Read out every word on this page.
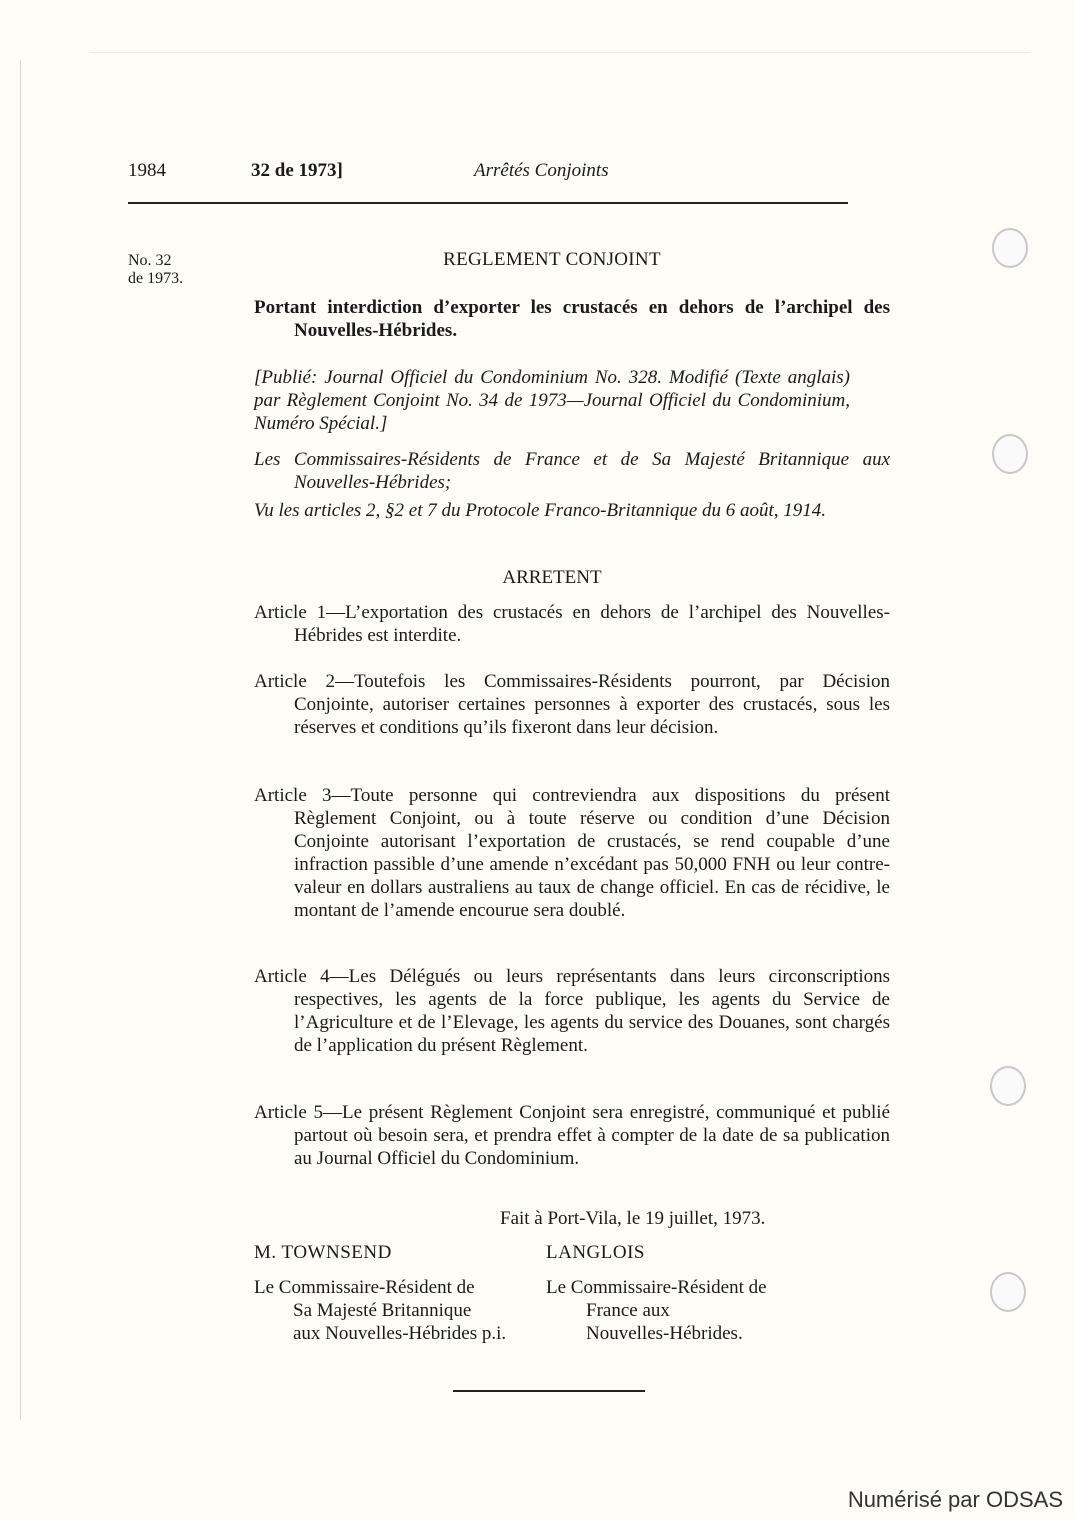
1984	32 de 1973]	Arrêtés Conjoints
No. 32
de 1973.
REGLEMENT CONJOINT
Portant interdiction d’exporter les crustacés en dehors de l’archipel des Nouvelles-Hébrides.
[Publié: Journal Officiel du Condominium No. 328. Modifié (Texte anglais) par Règlement Conjoint No. 34 de 1973—Journal Officiel du Condominium, Numéro Spécial.]
Les Commissaires-Résidents de France et de Sa Majesté Britannique aux Nouvelles-Hébrides;
Vu les articles 2, §2 et 7 du Protocole Franco-Britannique du 6 août, 1914.
ARRETENT
Article 1—L’exportation des crustacés en dehors de l’archipel des Nouvelles-Hébrides est interdite.
Article 2—Toutefois les Commissaires-Résidents pourront, par Décision Conjointe, autoriser certaines personnes à exporter des crustacés, sous les réserves et conditions qu’ils fixeront dans leur décision.
Article 3—Toute personne qui contreviendra aux dispositions du présent Règlement Conjoint, ou à toute réserve ou condition d’une Décision Conjointe autorisant l’exportation de crustacés, se rend coupable d’une infraction passible d’une amende n’excédant pas 50,000 FNH ou leur contre-valeur en dollars australiens au taux de change officiel. En cas de récidive, le montant de l’amende encourue sera doublé.
Article 4—Les Délégués ou leurs représentants dans leurs circonscriptions respectives, les agents de la force publique, les agents du Service de l’Agriculture et de l’Elevage, les agents du service des Douanes, sont chargés de l’application du présent Règlement.
Article 5—Le présent Règlement Conjoint sera enregistré, communiqué et publié partout où besoin sera, et prendra effet à compter de la date de sa publication au Journal Officiel du Condominium.
Fait à Port-Vila, le 19 juillet, 1973.
M. TOWNSEND	LANGLOIS
Le Commissaire-Résident de
Sa Majesté Britannique
aux Nouvelles-Hébrides p.i.
Le Commissaire-Résident de
France aux
Nouvelles-Hébrides.
Numérisé par ODSAS
